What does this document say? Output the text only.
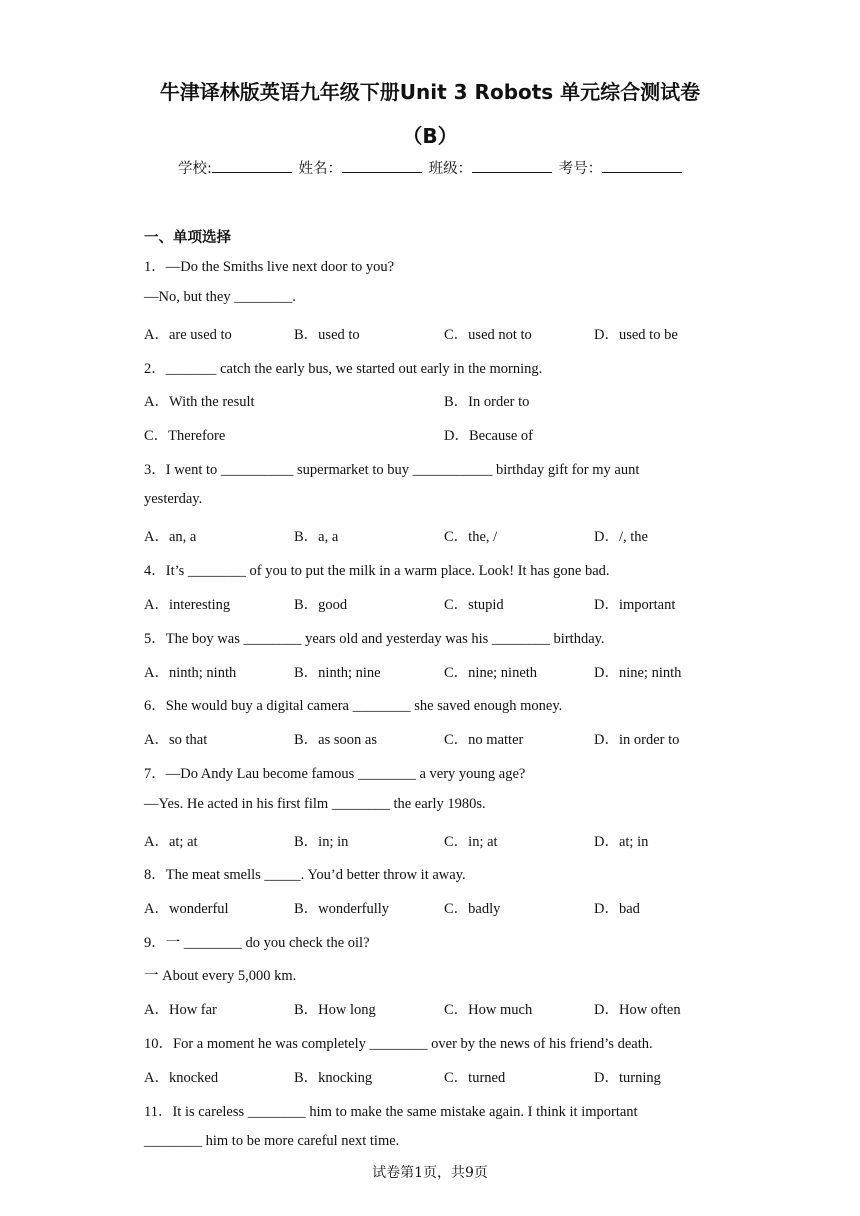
牛津译林版英语九年级下册Unit 3 Robots 单元综合测试卷
（B）
学校:	姓名：	班级：	考号：
一、单项选择
1．—Do the Smiths live next door to you?
—No, but they ________.
A．are used to	B．used to	C．used not to	D．used to be
2．_______ catch the early bus, we started out early in the morning.
A．With the result	B．In order to
C．Therefore	D．Because of
3．I went to __________ supermarket to buy ___________ birthday gift for my aunt
yesterday.
A．an, a	B．a, a	C．the, /	D．/, the
4．It’s ________ of you to put the milk in a warm place. Look! It has gone bad.
A．interesting	B．good	C．stupid	D．important
5．The boy was ________ years old and yesterday was his ________ birthday.
A．ninth; ninth	B．ninth; nine	C．nine; nineth	D．nine; ninth
6．She would buy a digital camera ________ she saved enough money.
A．so that	B．as soon as	C．no matter	D．in order to
7．—Do Andy Lau become famous ________ a very young age?
—Yes. He acted in his first film ________ the early 1980s.
A．at; at	B．in; in	C．in; at	D．at; in
8．The meat smells _____. You’d better throw it away.
A．wonderful	B．wonderfully	C．badly	D．bad
9．一 ________ do you check the oil?
一 About every 5,000 km.
A．How far	B．How long	C．How much	D．How often
10．For a moment he was completely ________ over by the news of his friend’s death.
A．knocked	B．knocking	C．turned	D．turning
11．It is careless ________ him to make the same mistake again. I think it important
________ him to be more careful next time.
试卷第1页，共9页
